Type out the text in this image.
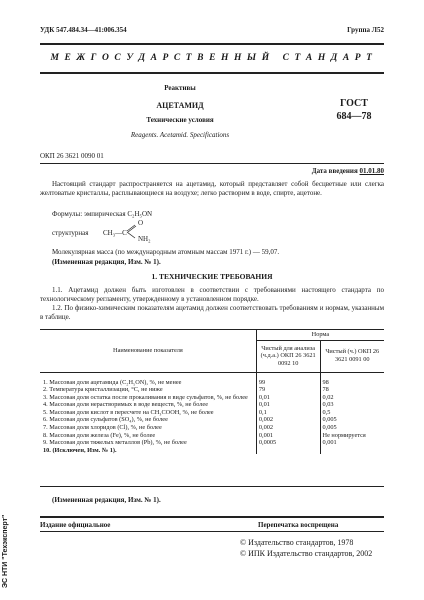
УДК 547.484.34—41:006.354	Группа Л52
М Е Ж Г О С У Д А Р С Т В Е Н Н Ы Й   С Т А Н Д А Р Т
Реактивы
АЦЕТАМИД
Технические условия
Reagents. Acetamid. Specifications
ГОСТ
684—78
ОКП 26 3621 0090 01
Дата введения 01.01.80
Настоящий стандарт распространяется на ацетамид, который представляет собой бесцветные или слегка желтоватые кристаллы, расплывающиеся на воздухе; легко растворим в воде, спирте, ацетоне.
Формулы: эмпирическая C₂H₅ON
структурная CH₃—C
O
NH₂
Молекулярная масса (по международным атомным массам 1971 г.) — 59,07.
(Измененная редакция, Изм. № 1).
1. ТЕХНИЧЕСКИЕ ТРЕБОВАНИЯ
1.1. Ацетамид должен быть изготовлен в соответствии с требованиями настоящего стандарта по технологическому регламенту, утвержденному в установленном порядке.
1.2. По физико-химическим показателям ацетамид должен соответствовать требованиям и нормам, указанным в таблице.
Наименование показателя	Норма	
	Чистый для анализа (ч.д.а.) ОКП 26 3621 0092 10	Чистый (ч.) ОКП 26 3621 0091 00
1. Массовая доля ацетамида (C₂H₅ON), %, не менее	99	98
2. Температура кристаллизации, °C, не ниже	79	78
3. Массовая доля остатка после прокаливания в виде сульфатов, %, не более	0,01	0,02
4. Массовая доля нерастворимых в воде веществ, %, не более	0,01	0,03
5. Массовая доля кислот в пересчете на CH₃COOH, %, не более	0,1	0,5
6. Массовая доля сульфатов (SO₄), %, не более	0,002	0,005
7. Массовая доля хлоридов (Cl), %, не более	0,002	0,005
8. Массовая доля железа (Fe), %, не более	0,001	Не нормируется
9. Массовая доля тяжелых металлов (Pb), %, не более	0,0005	0,001
10. (Исключен, Изм. № 1).		
(Измененная редакция, Изм. № 1).
Издание официальное	Перепечатка воспрещена
© Издательство стандартов, 1978
© ИПК Издательство стандартов, 2002
ЭС НТИ "Техэксперт"
